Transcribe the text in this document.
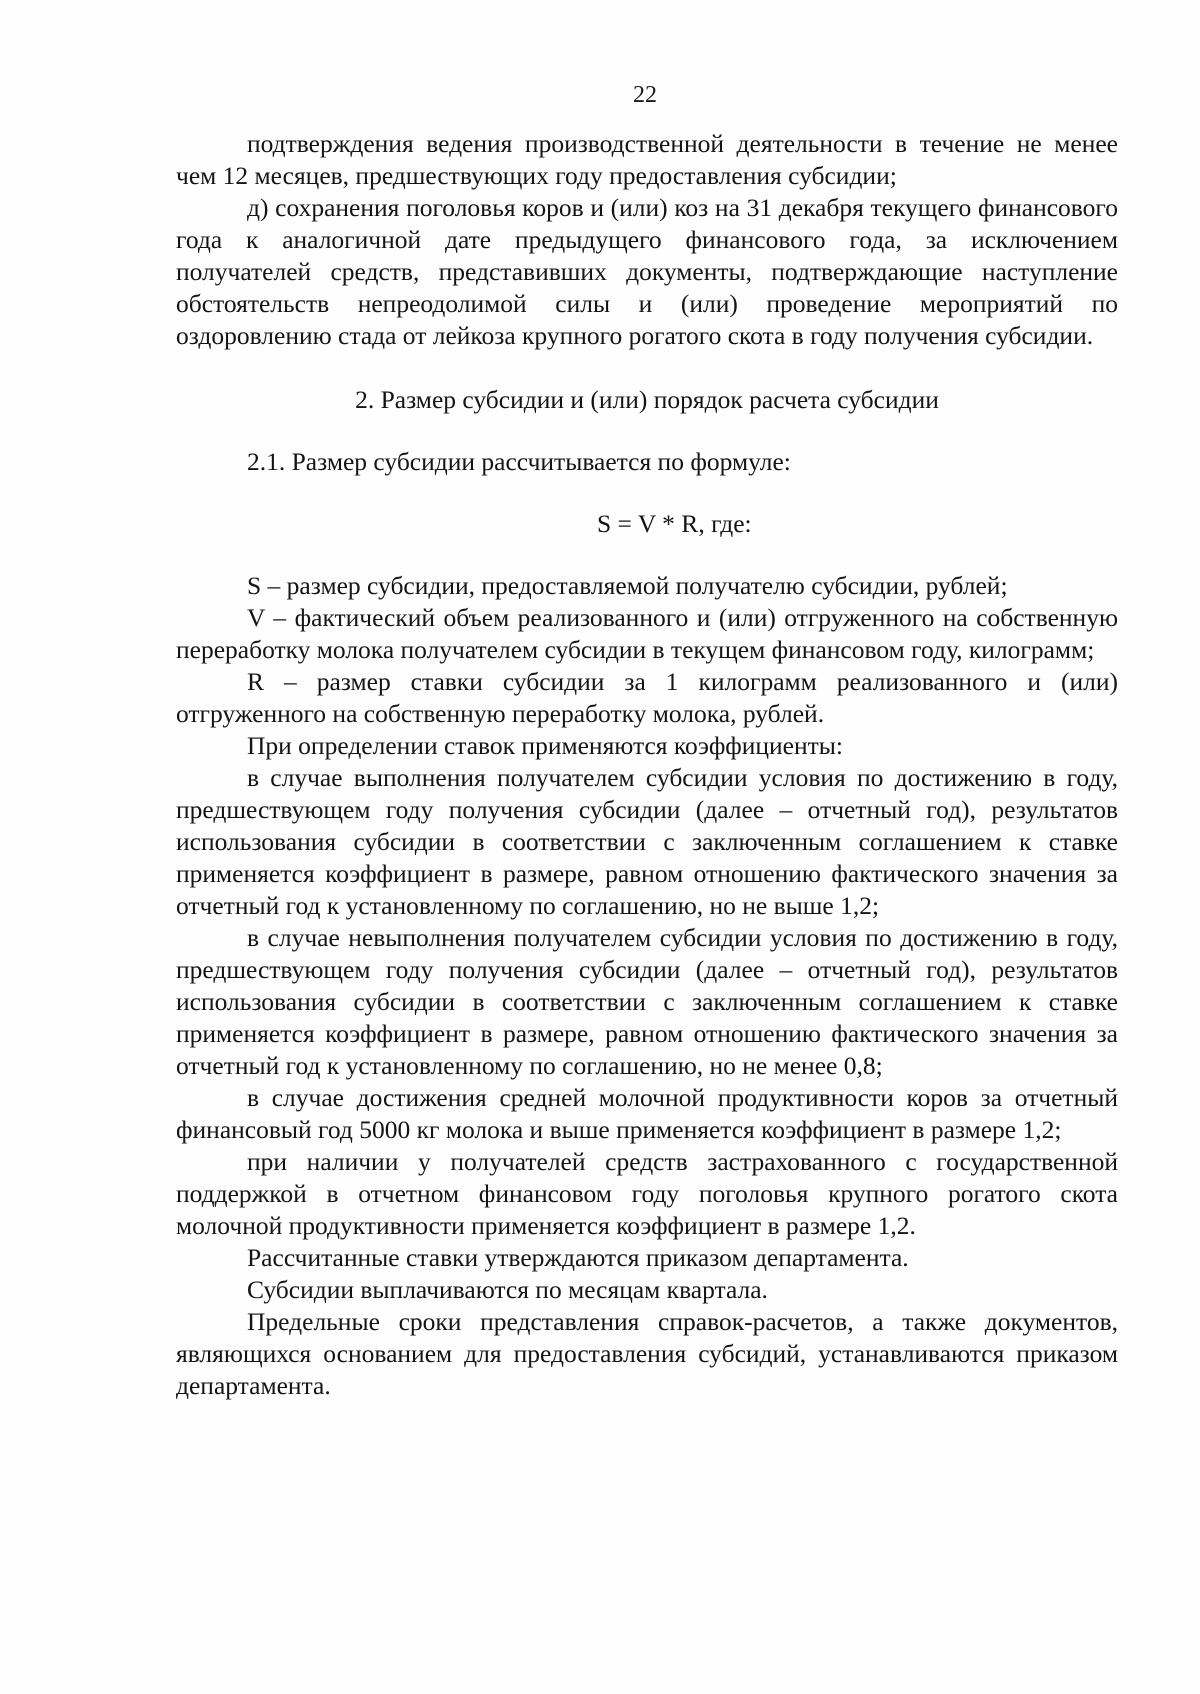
22

подтверждения ведения производственной деятельности в течение не менее чем 12 месяцев, предшествующих году предоставления субсидии;

д) сохранения поголовья коров и (или) коз на 31 декабря текущего финансового года к аналогичной дате предыдущего финансового года, за исключением получателей средств, представивших документы, подтверждающие наступление обстоятельств непреодолимой силы и (или) проведение мероприятий по оздоровлению стада от лейкоза крупного рогатого скота в году получения субсидии.

2. Размер субсидии и (или) порядок расчета субсидии

2.1. Размер субсидии рассчитывается по формуле:

S = V * R, где:

S – размер субсидии, предоставляемой получателю субсидии, рублей;

V – фактический объем реализованного и (или) отгруженного на собственную переработку молока получателем субсидии в текущем финансовом году, килограмм;

R – размер ставки субсидии за 1 килограмм реализованного и (или) отгруженного на собственную переработку молока, рублей.

При определении ставок применяются коэффициенты:

в случае выполнения получателем субсидии условия по достижению в году, предшествующем году получения субсидии (далее – отчетный год), результатов использования субсидии в соответствии с заключенным соглашением к ставке применяется коэффициент в размере, равном отношению фактического значения за отчетный год к установленному по соглашению, но не выше 1,2;

в случае невыполнения получателем субсидии условия по достижению в году, предшествующем году получения субсидии (далее – отчетный год), результатов использования субсидии в соответствии с заключенным соглашением к ставке применяется коэффициент в размере, равном отношению фактического значения за отчетный год к установленному по соглашению, но не менее 0,8;

в случае достижения средней молочной продуктивности коров за отчетный финансовый год 5000 кг молока и выше применяется коэффициент в размере 1,2;

при наличии у получателей средств застрахованного с государственной поддержкой в отчетном финансовом году поголовья крупного рогатого скота молочной продуктивности применяется коэффициент в размере 1,2.

Рассчитанные ставки утверждаются приказом департамента.

Субсидии выплачиваются по месяцам квартала.

Предельные сроки представления справок-расчетов, а также документов, являющихся основанием для предоставления субсидий, устанавливаются приказом департамента.
